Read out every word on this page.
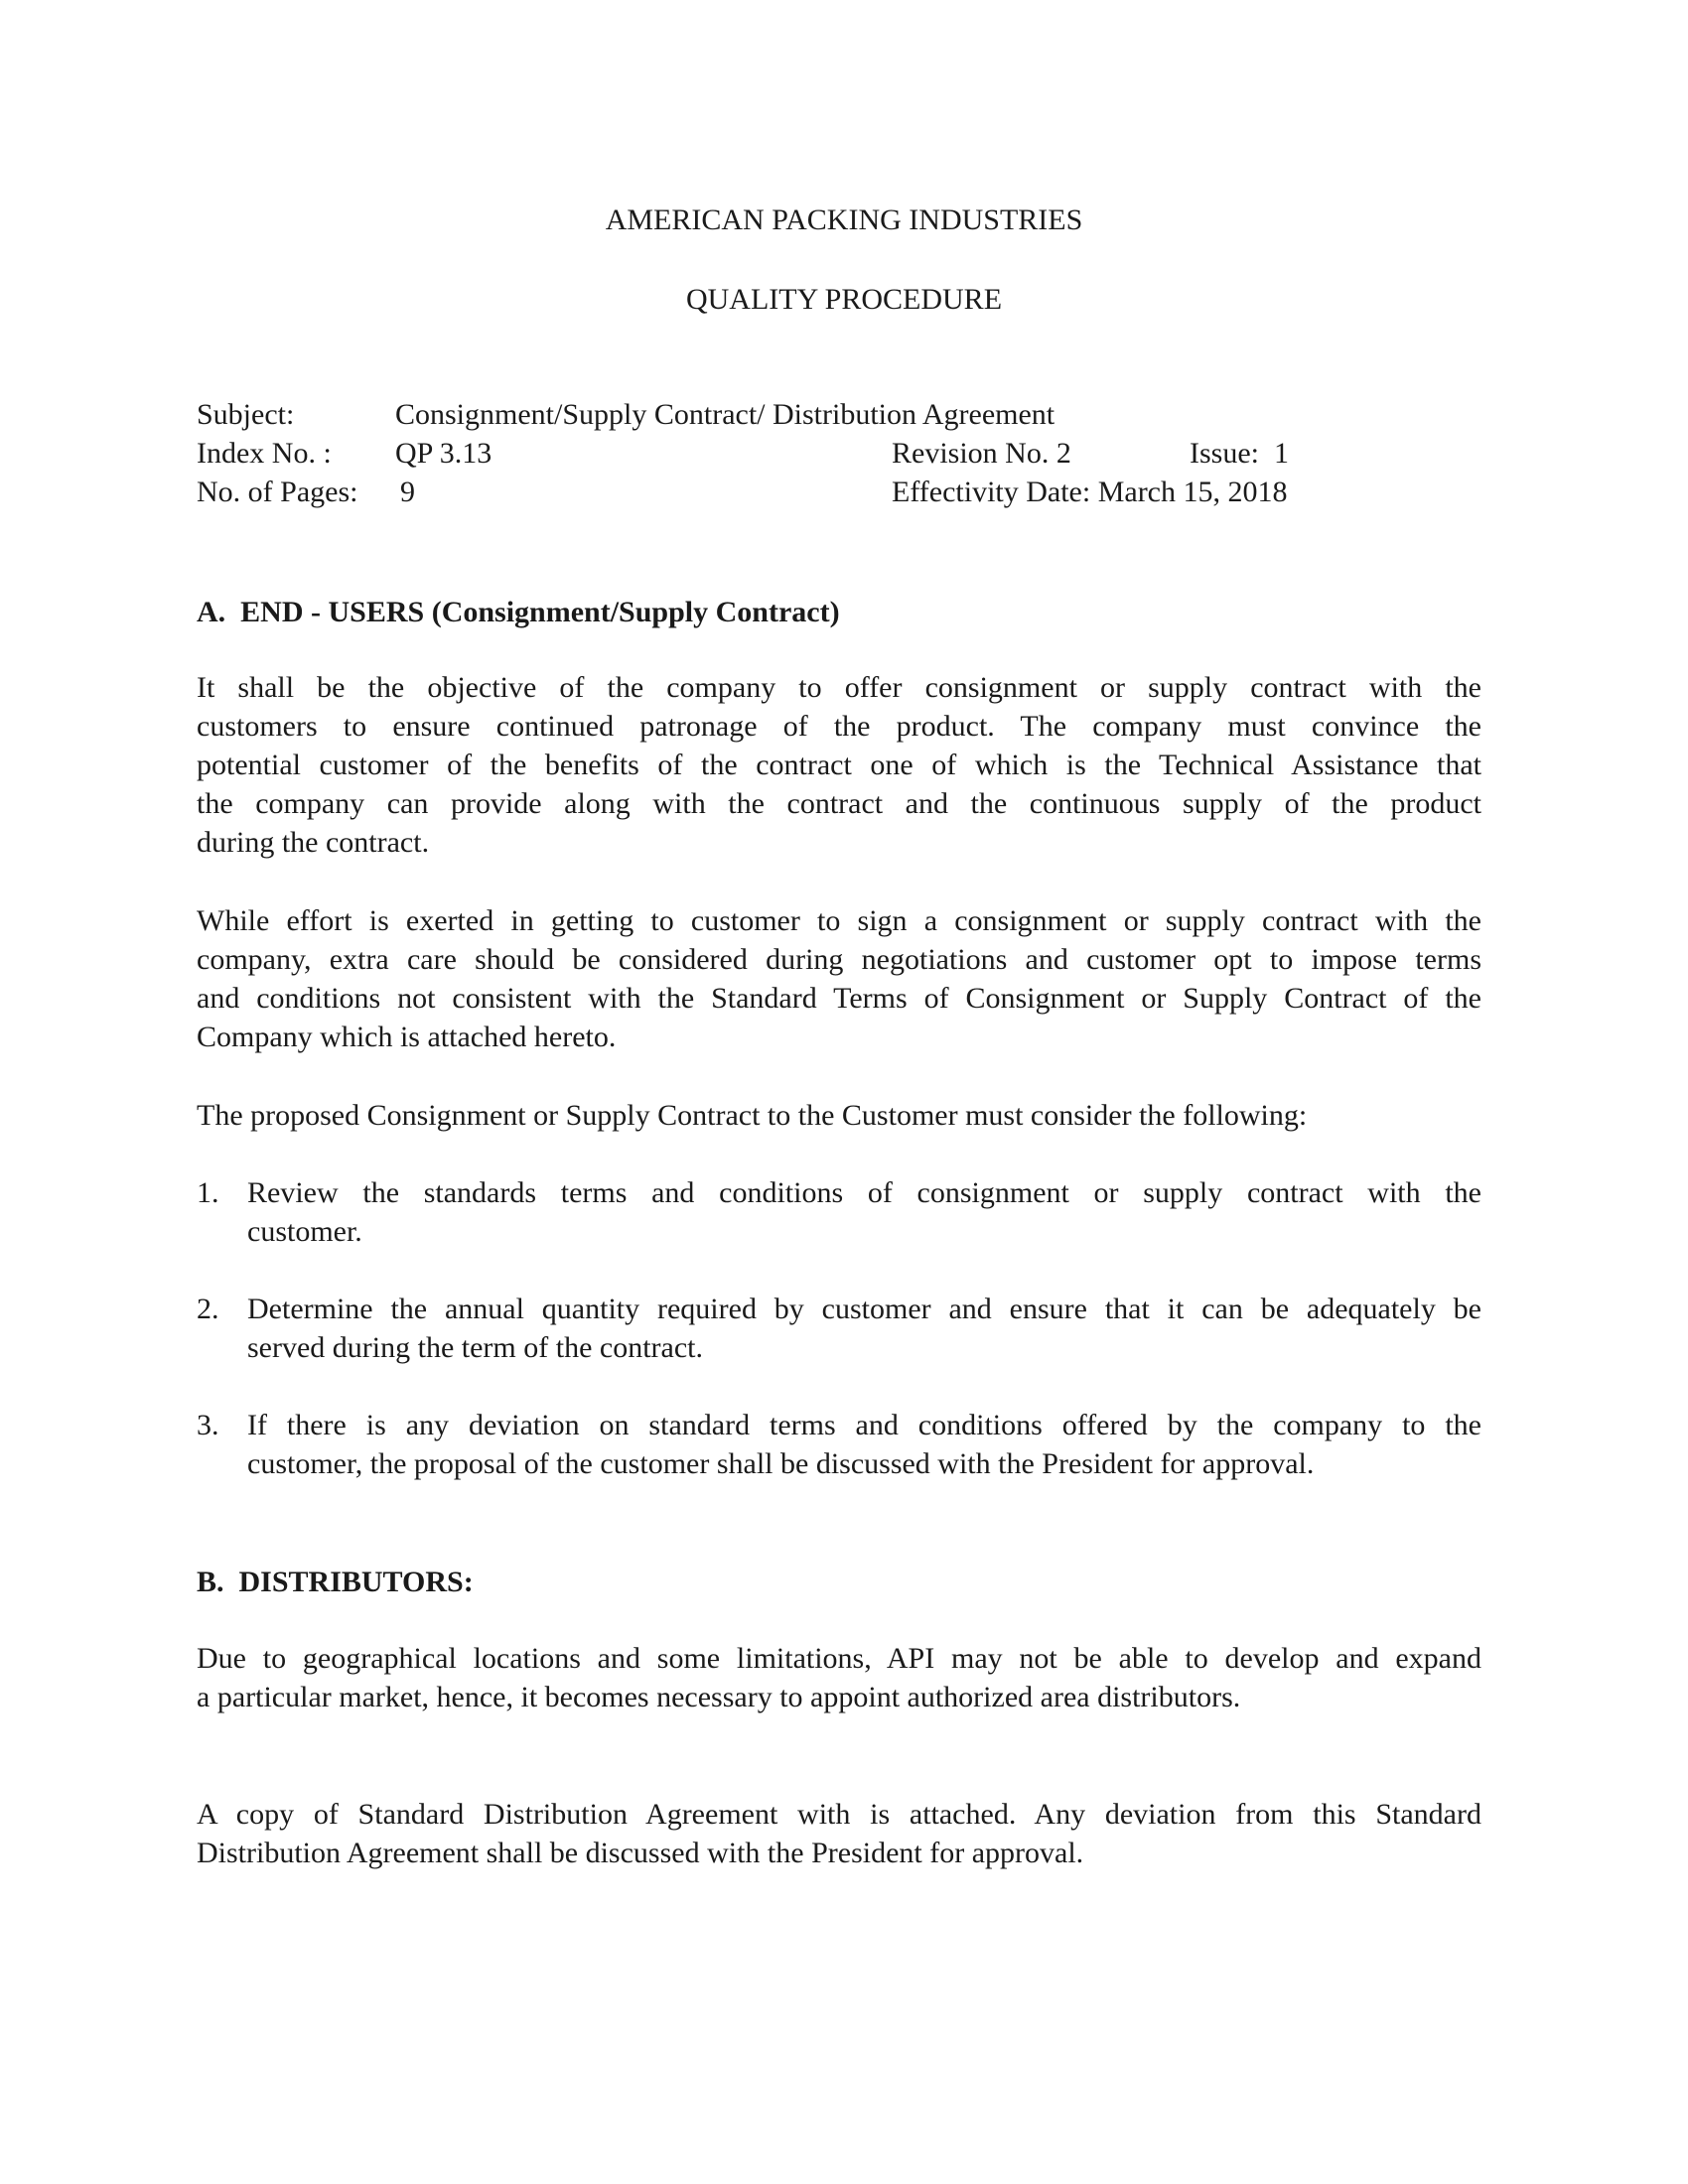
AMERICAN PACKING INDUSTRIES
QUALITY PROCEDURE
Subject:	Consignment/Supply Contract/ Distribution Agreement
Index No. : QP 3.13	Revision No. 2	Issue:  1
No. of Pages: 9	Effectivity Date: March 15, 2018
A.  END - USERS (Consignment/Supply Contract)
It shall be the objective of the company to offer consignment or supply contract with the
customers to ensure continued patronage of the product. The company must convince the
potential customer of the benefits of the contract one of which is the Technical Assistance that
the company can provide along with the contract and the continuous supply of the product
during the contract.
While effort is exerted in getting to customer to sign a consignment or supply contract with the
company, extra care should be considered during negotiations and customer opt to impose terms
and conditions not consistent with the Standard Terms of Consignment or Supply Contract of the
Company which is attached hereto.
The proposed Consignment or Supply Contract to the Customer must consider the following:
1. Review the standards terms and conditions of consignment or supply contract with the
customer.
2. Determine the annual quantity required by customer and ensure that it can be adequately be
served during the term of the contract.
3. If there is any deviation on standard terms and conditions offered by the company to the
customer, the proposal of the customer shall be discussed with the President for approval.
B.  DISTRIBUTORS:
Due to geographical locations and some limitations, API may not be able to develop and expand
a particular market, hence, it becomes necessary to appoint authorized area distributors.
A copy of Standard Distribution Agreement with is attached. Any deviation from this Standard
Distribution Agreement shall be discussed with the President for approval.
